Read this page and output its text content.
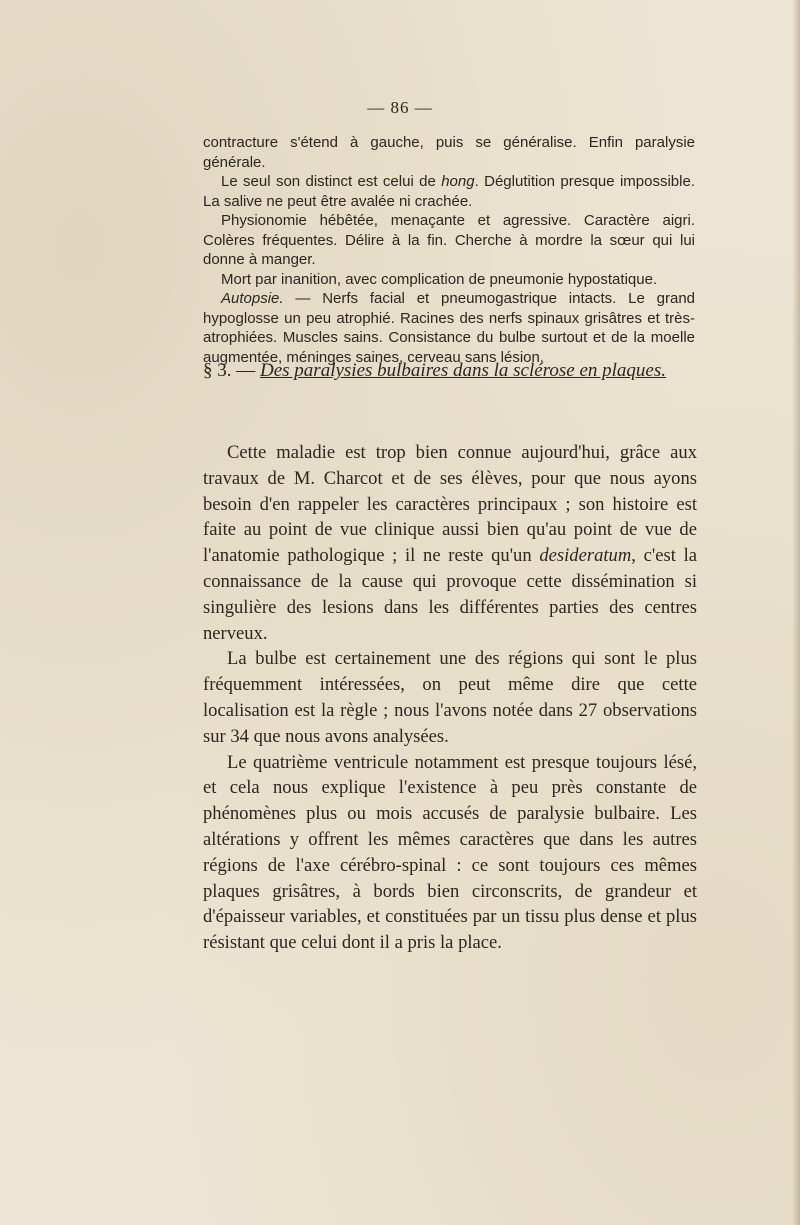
— 86 —

contracture s'étend à gauche, puis se généralise. Enfin paralysie générale.

Le seul son distinct est celui de hong. Déglutition presque impossible. La salive ne peut être avalée ni crachée.

Physionomie hébêtée, menaçante et agressive. Caractère aigri. Colères fréquentes. Délire à la fin. Cherche à mordre la sœur qui lui donne à manger.

Mort par inanition, avec complication de pneumonie hypostatique.

Autopsie. — Nerfs facial et pneumogastrique intacts. Le grand hypoglosse un peu atrophié. Racines des nerfs spinaux grisâtres et très-atrophiées. Muscles sains. Consistance du bulbe surtout et de la moelle augmentée, méninges saines, cerveau sans lésion.

§ 3. — Des paralysies bulbaires dans la sclérose en plaques.

Cette maladie est trop bien connue aujourd'hui, grâce aux travaux de M. Charcot et de ses élèves, pour que nous ayons besoin d'en rappeler les caractères principaux ; son histoire est faite au point de vue clinique aussi bien qu'au point de vue de l'anatomie pathologique ; il ne reste qu'un desideratum, c'est la connaissance de la cause qui provoque cette dissémination si singulière des lesions dans les différentes parties des centres nerveux.

La bulbe est certainement une des régions qui sont le plus fréquemment intéressées, on peut même dire que cette localisation est la règle ; nous l'avons notée dans 27 observations sur 34 que nous avons analysées.

Le quatrième ventricule notamment est presque toujours lésé, et cela nous explique l'existence à peu près constante de phénomènes plus ou mois accusés de paralysie bulbaire. Les altérations y offrent les mêmes caractères que dans les autres régions de l'axe cérébro-spinal : ce sont toujours ces mêmes plaques grisâtres, à bords bien circonscrits, de grandeur et d'épaisseur variables, et constituées par un tissu plus dense et plus résistant que celui dont il a pris la place.
